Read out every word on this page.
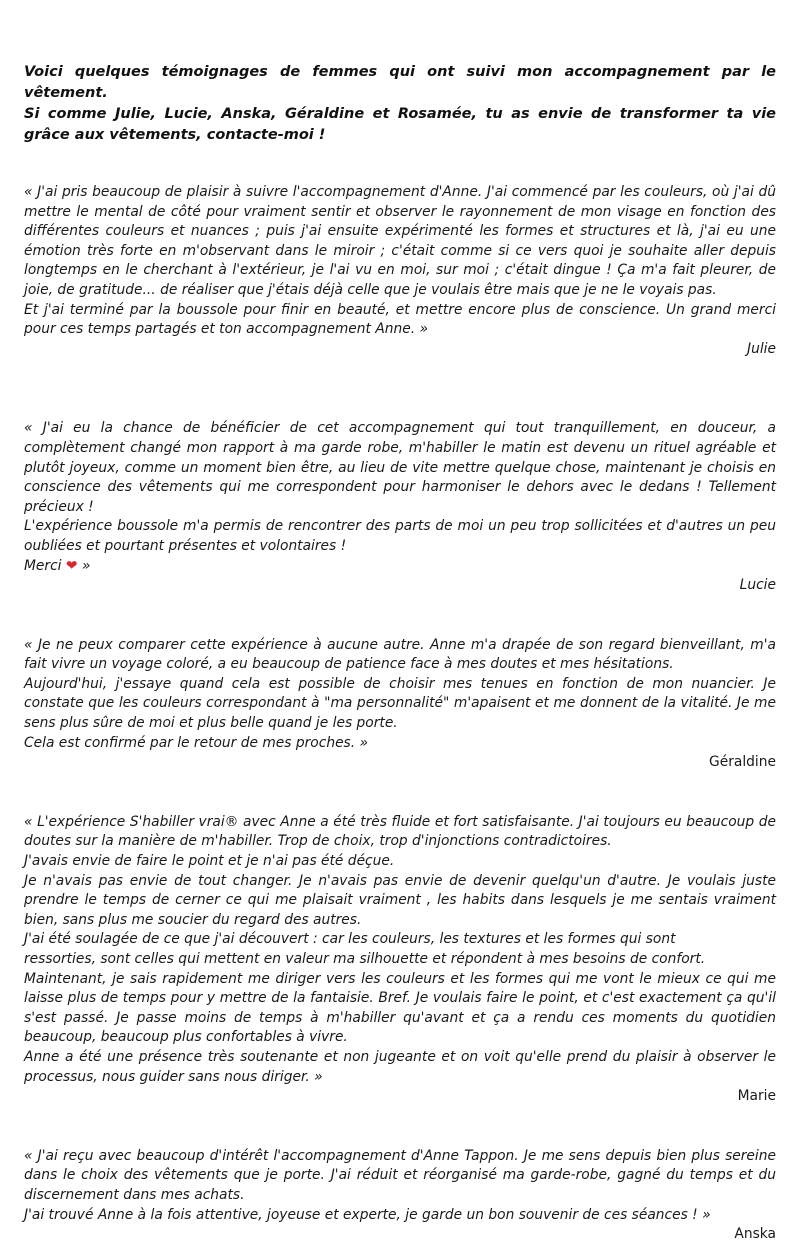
Voici quelques témoignages de femmes qui ont suivi mon accompagnement par le vêtement.

Si comme Julie, Lucie, Anska, Géraldine et Rosamée, tu as envie de transformer ta vie grâce aux vêtements, contacte-moi !

« J'ai pris beaucoup de plaisir à suivre l'accompagnement d'Anne. J'ai commencé par les couleurs, où j'ai dû mettre le mental de côté pour vraiment sentir et observer le rayonnement de mon visage en fonction des différentes couleurs et nuances ; puis j'ai ensuite expérimenté les formes et structures et là, j'ai eu une émotion très forte en m'observant dans le miroir ; c'était comme si ce vers quoi je souhaite aller depuis longtemps en le cherchant à l'extérieur, je l'ai vu en moi, sur moi ; c'était dingue ! Ça m'a fait pleurer, de joie, de gratitude... de réaliser que j'étais déjà celle que je voulais être mais que je ne le voyais pas.

Et j'ai terminé par la boussole pour finir en beauté, et mettre encore plus de conscience. Un grand merci pour ces temps partagés et ton accompagnement Anne. »

Julie

« J'ai eu la chance de bénéficier de cet accompagnement qui tout tranquillement, en douceur, a complètement changé mon rapport à ma garde robe, m'habiller le matin est devenu un rituel agréable et plutôt joyeux, comme un moment bien être, au lieu de vite mettre quelque chose, maintenant je choisis en conscience des vêtements qui me correspondent pour harmoniser le dehors avec le dedans ! Tellement précieux !

L'expérience boussole m'a permis de rencontrer des parts de moi un peu trop sollicitées et d'autres un peu oubliées et pourtant présentes et volontaires !

Merci ❤ »

Lucie

« Je ne peux comparer cette expérience à aucune autre. Anne m'a drapée de son regard bienveillant, m'a fait vivre un voyage coloré, a eu beaucoup de patience face à mes doutes et mes hésitations.

Aujourd'hui, j'essaye quand cela est possible de choisir mes tenues en fonction de mon nuancier. Je constate que les couleurs correspondant à "ma personnalité" m'apaisent et me donnent de la vitalité. Je me sens plus sûre de moi et plus belle quand je les porte.

Cela est confirmé par le retour de mes proches. »

Géraldine

« L'expérience S'habiller vrai® avec Anne a été très fluide et fort satisfaisante. J'ai toujours eu beaucoup de doutes sur la manière de m'habiller. Trop de choix, trop d'injonctions contradictoires.

J'avais envie de faire le point et je n'ai pas été déçue.

Je n'avais pas envie de tout changer. Je n'avais pas envie de devenir quelqu'un d'autre. Je voulais juste prendre le temps de cerner ce qui me plaisait vraiment , les habits dans lesquels je me sentais vraiment bien, sans plus me soucier du regard des autres.

J'ai été soulagée de ce que j'ai découvert : car les couleurs, les textures et les formes qui sont

ressorties, sont celles qui mettent en valeur ma silhouette et répondent à mes besoins de confort.

Maintenant, je sais rapidement me diriger vers les couleurs et les formes qui me vont le mieux ce qui me laisse plus de temps pour y mettre de la fantaisie. Bref. Je voulais faire le point, et c'est exactement ça qu'il s'est passé. Je passe moins de temps à m'habiller qu'avant et ça a rendu ces moments du quotidien beaucoup, beaucoup plus confortables à vivre.

Anne a été une présence très soutenante et non jugeante et on voit qu'elle prend du plaisir à observer le processus, nous guider sans nous diriger. »

Marie

« J'ai reçu avec beaucoup d'intérêt l'accompagnement d'Anne Tappon. Je me sens depuis bien plus sereine dans le choix des vêtements que je porte. J'ai réduit et réorganisé ma garde-robe, gagné du temps et du discernement dans mes achats.

J'ai trouvé Anne à la fois attentive, joyeuse et experte, je garde un bon souvenir de ces séances ! »

Anska
